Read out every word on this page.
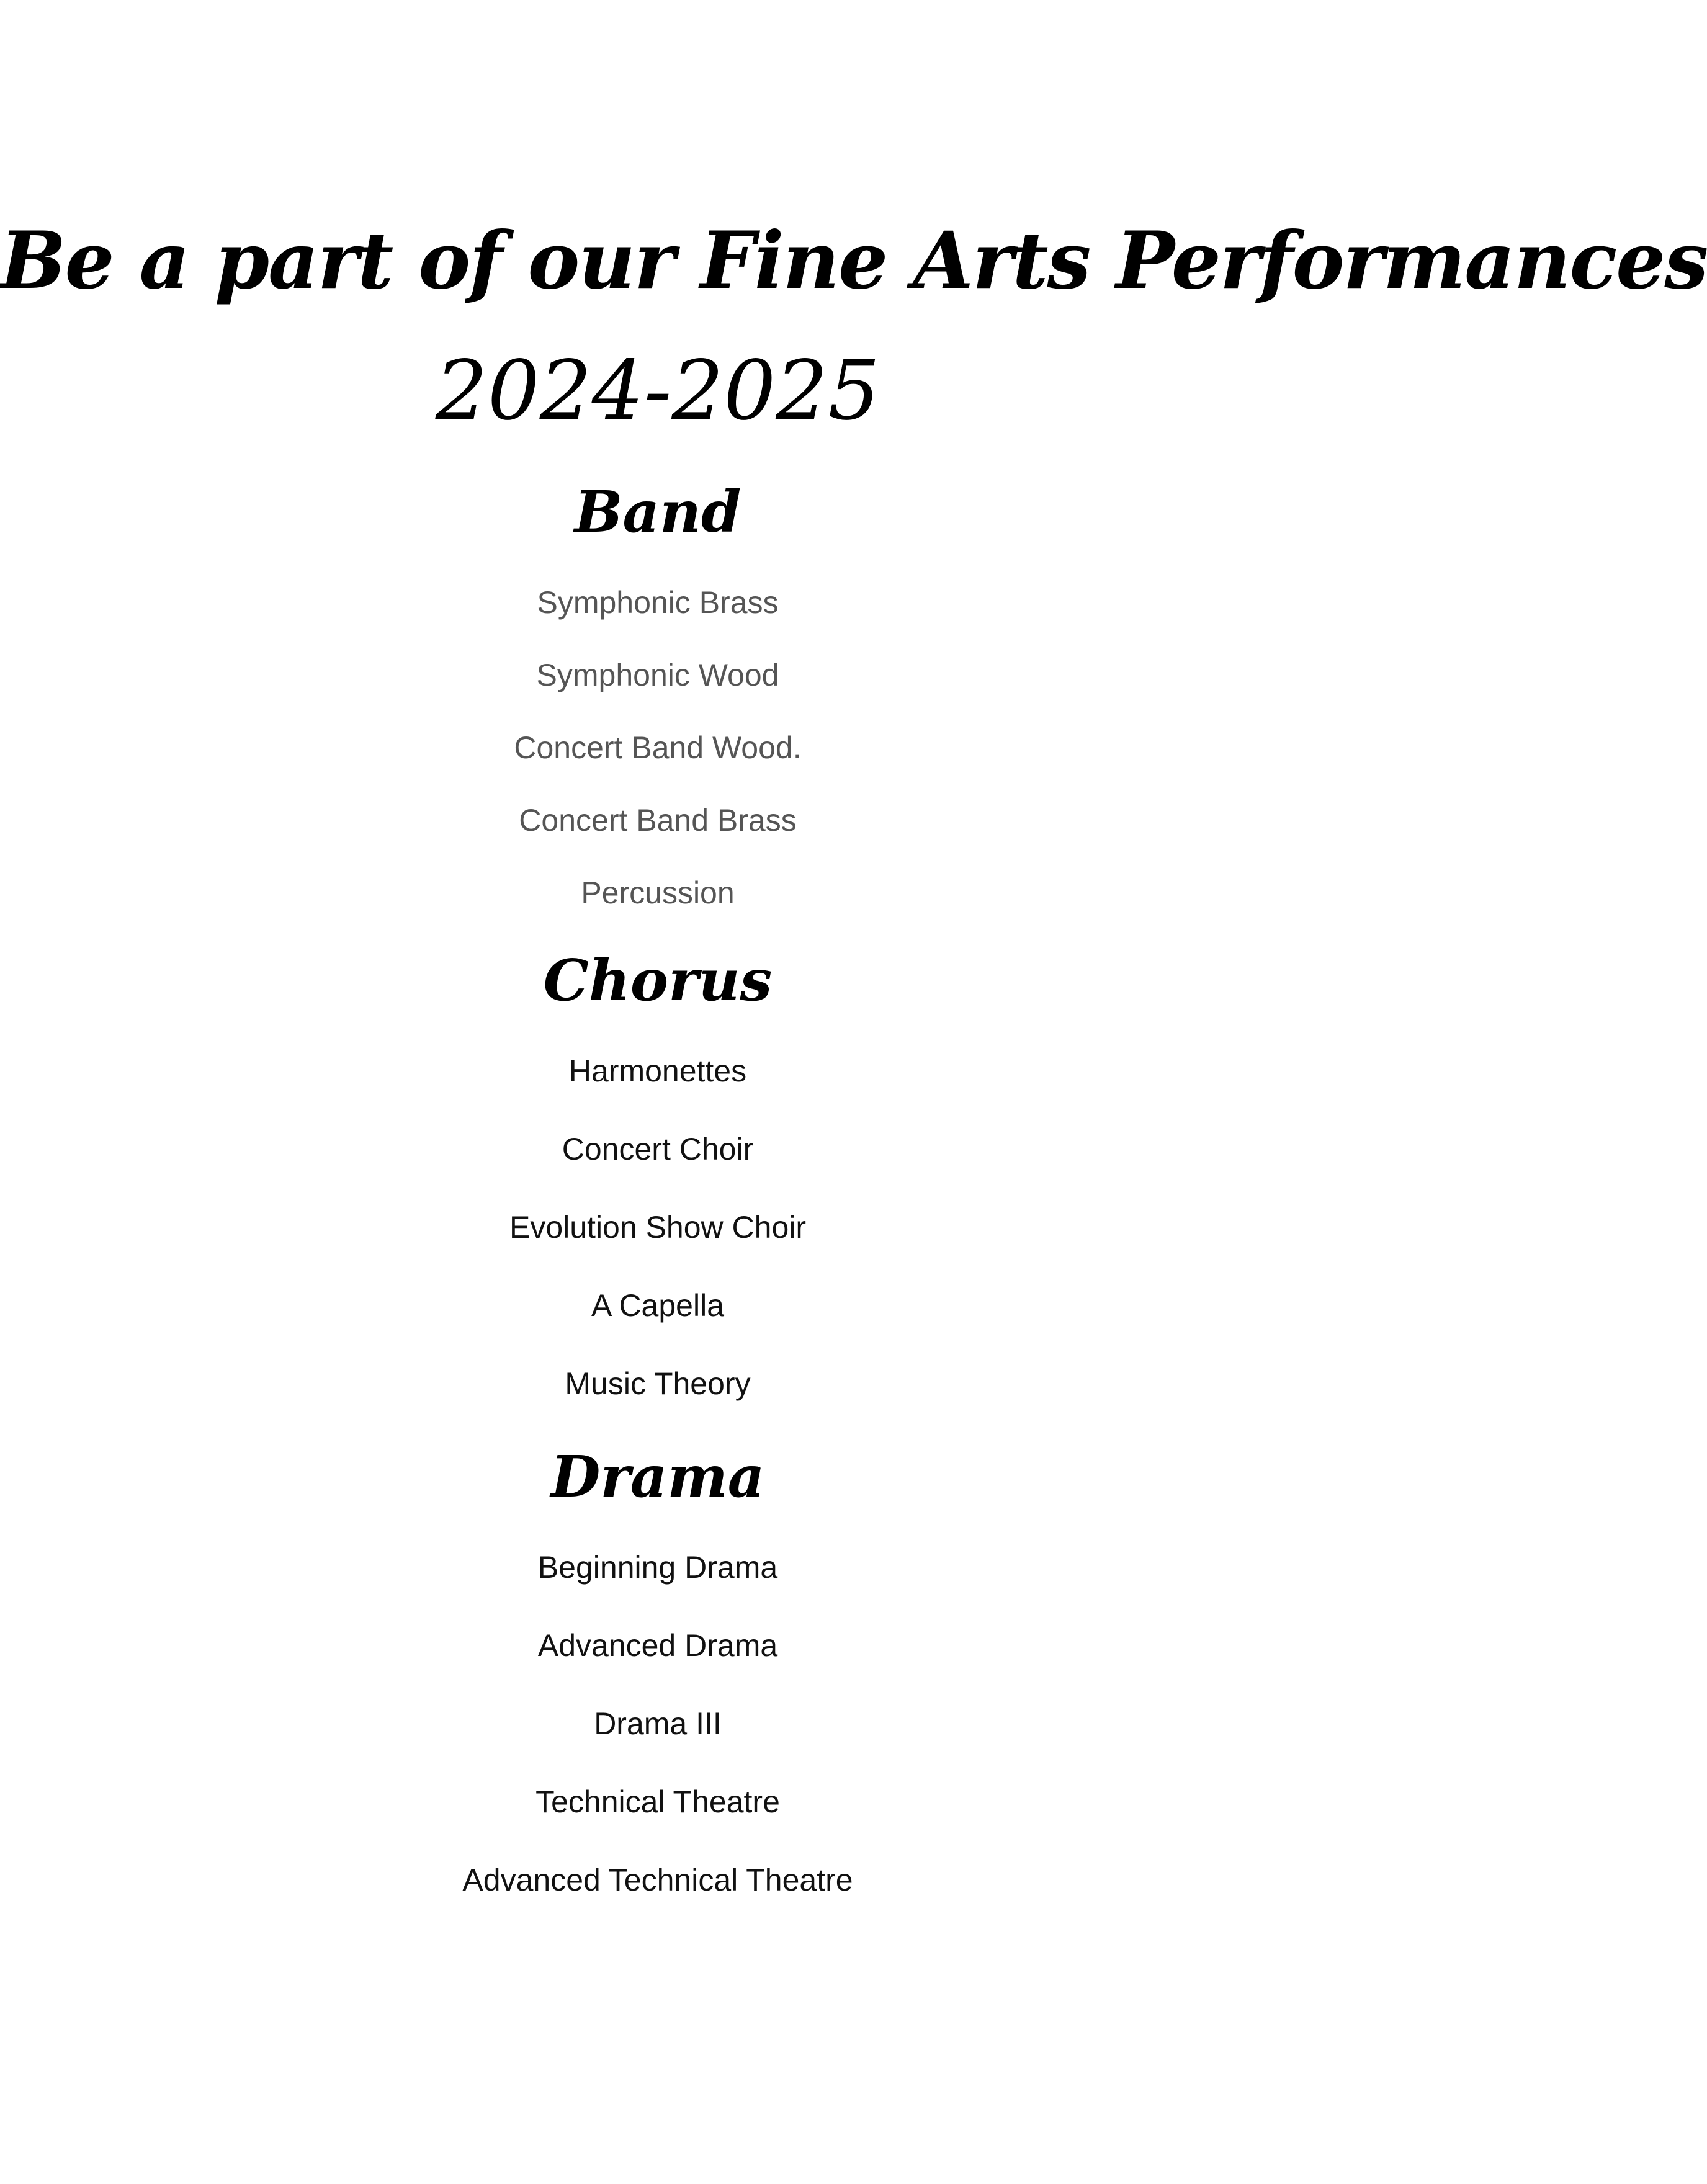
Be a part of our Fine Arts Performances
2024-2025
Band
Symphonic Brass
Symphonic Wood
Concert Band Wood.
Concert Band Brass
Percussion
Chorus
Harmonettes
Concert Choir
Evolution Show Choir
A Capella
Music Theory
Drama
Beginning Drama
Advanced Drama
Drama III
Technical Theatre
Advanced Technical Theatre
